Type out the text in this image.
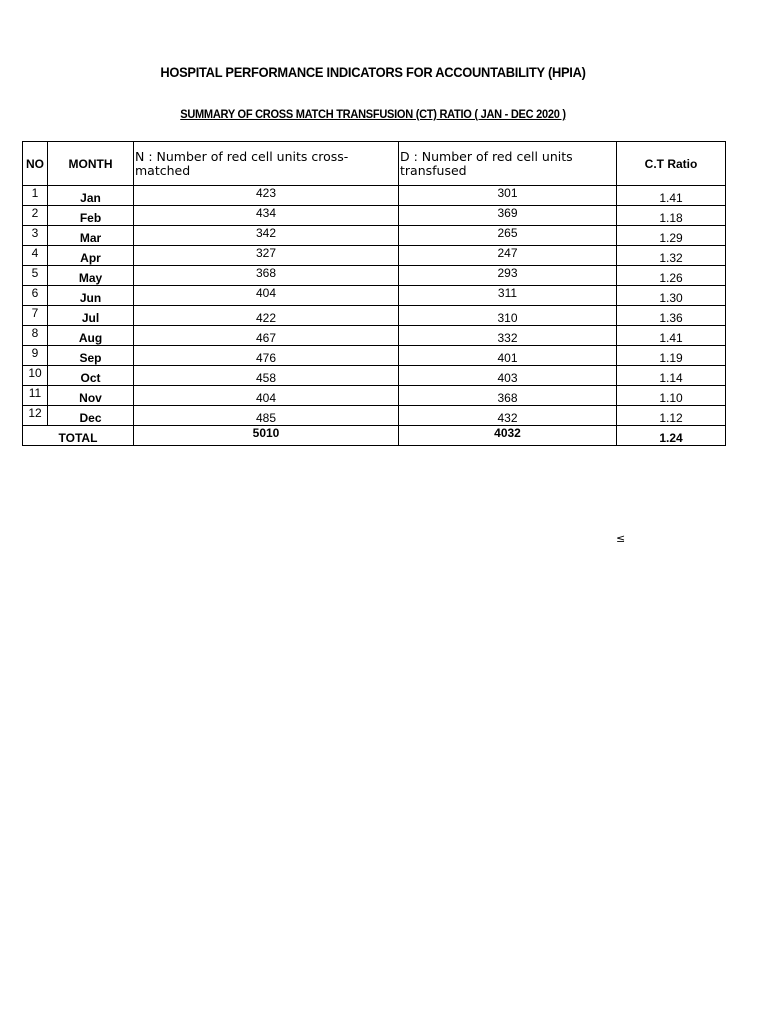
HOSPITAL PERFORMANCE INDICATORS FOR ACCOUNTABILITY (HPIA)
SUMMARY OF CROSS MATCH TRANSFUSION (CT) RATIO ( JAN - DEC 2020 )
NO	MONTH	N : Number of red cell units cross-matched	D : Number of red cell units transfused	C.T Ratio
1	Jan	423	301	1.41
2	Feb	434	369	1.18
3	Mar	342	265	1.29
4	Apr	327	247	1.32
5	May	368	293	1.26
6	Jun	404	311	1.30
7	Jul	422	310	1.36
8	Aug	467	332	1.41
9	Sep	476	401	1.19
10	Oct	458	403	1.14
11	Nov	404	368	1.10
12	Dec	485	432	1.12
TOTAL		5010	4032	1.24
≤
